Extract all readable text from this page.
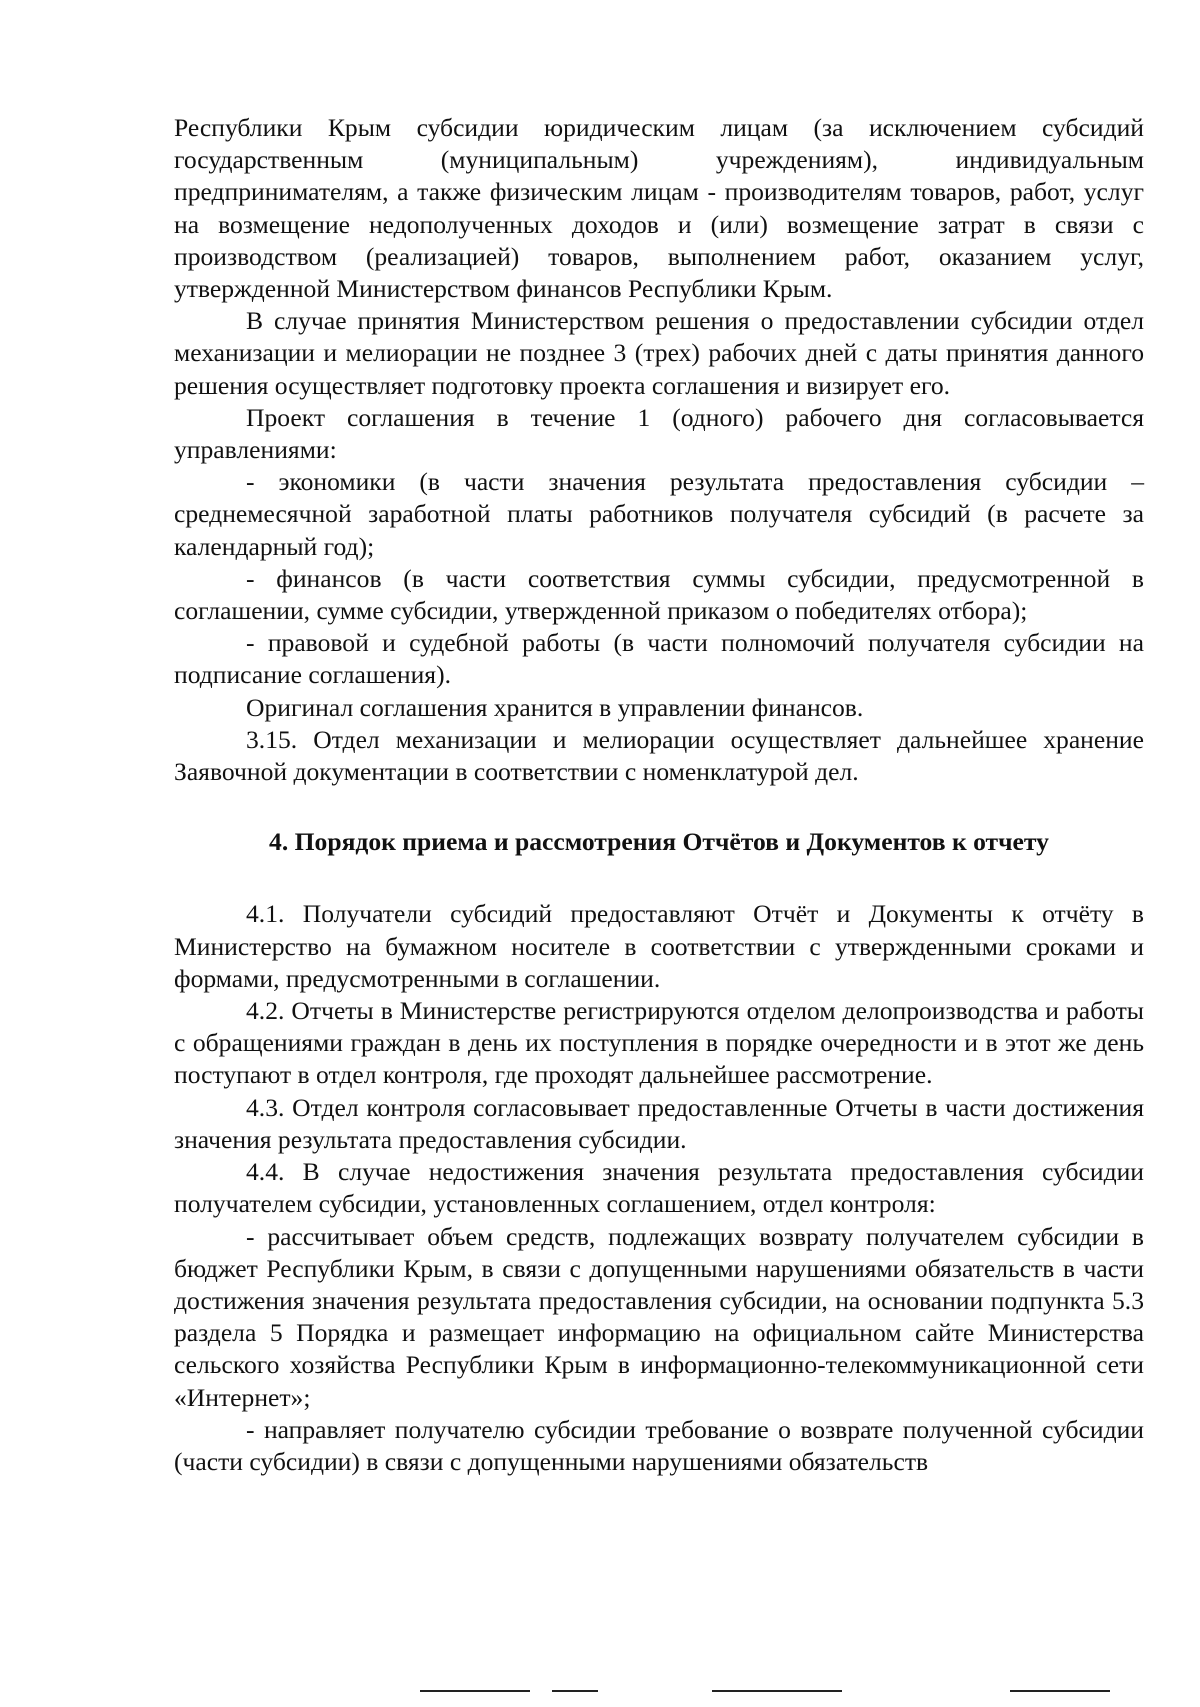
Республики Крым субсидии юридическим лицам (за исключением субсидий государственным (муниципальным) учреждениям), индивидуальным предпринимателям, а также физическим лицам - производителям товаров, работ, услуг на возмещение недополученных доходов и (или) возмещение затрат в связи с производством (реализацией) товаров, выполнением работ, оказанием услуг, утвержденной Министерством финансов Республики Крым.

В случае принятия Министерством решения о предоставлении субсидии отдел механизации и мелиорации не позднее 3 (трех) рабочих дней с даты принятия данного решения осуществляет подготовку проекта соглашения и визирует его.

Проект соглашения в течение 1 (одного) рабочего дня согласовывается управлениями:

- экономики (в части значения результата предоставления субсидии – среднемесячной заработной платы работников получателя субсидий (в расчете за календарный год);

- финансов (в части соответствия суммы субсидии, предусмотренной в соглашении, сумме субсидии, утвержденной приказом о победителях отбора);

- правовой и судебной работы (в части полномочий получателя субсидии на подписание соглашения).

Оригинал соглашения хранится в управлении финансов.

3.15. Отдел механизации и мелиорации осуществляет дальнейшее хранение Заявочной документации в соответствии с номенклатурой дел.

4. Порядок приема и рассмотрения Отчётов и Документов к отчету

4.1. Получатели субсидий предоставляют Отчёт и Документы к отчёту в Министерство на бумажном носителе в соответствии с утвержденными сроками и формами, предусмотренными в соглашении.

4.2. Отчеты в Министерстве регистрируются отделом делопроизводства и работы с обращениями граждан в день их поступления в порядке очередности и в этот же день поступают в отдел контроля, где проходят дальнейшее рассмотрение.

4.3. Отдел контроля согласовывает предоставленные Отчеты в части достижения значения результата предоставления субсидии.

4.4. В случае недостижения значения результата предоставления субсидии получателем субсидии, установленных соглашением, отдел контроля:

- рассчитывает объем средств, подлежащих возврату получателем субсидии в бюджет Республики Крым, в связи с допущенными нарушениями обязательств в части достижения значения результата предоставления субсидии, на основании подпункта 5.3 раздела 5 Порядка и размещает информацию на официальном сайте Министерства сельского хозяйства Республики Крым в информационно-телекоммуникационной сети «Интернет»;

- направляет получателю субсидии требование о возврате полученной субсидии (части субсидии) в связи с допущенными нарушениями обязательств
